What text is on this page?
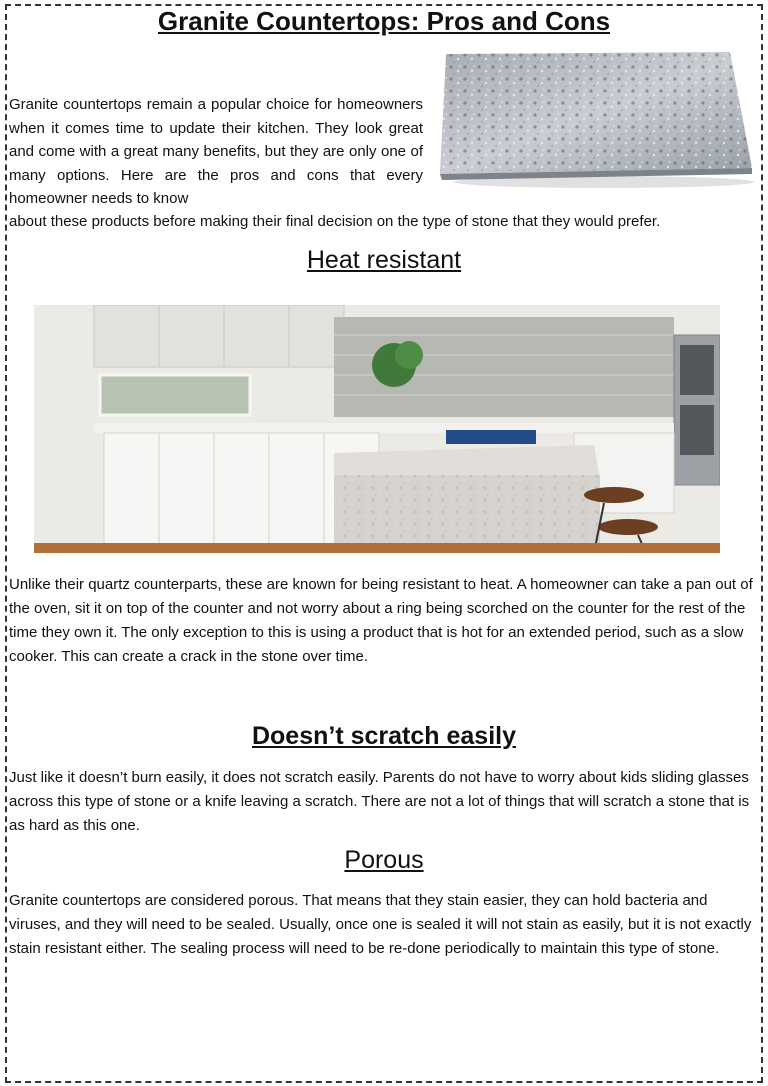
Granite Countertops: Pros and Cons

Granite countertops remain a popular choice for homeowners when it comes time to update their kitchen. They look great and come with a great many benefits, but they are only one of many options. Here are the pros and cons that every homeowner needs to know

about these products before making their final decision on the type of stone that they would prefer.

Heat resistant

Unlike their quartz counterparts, these are known for being resistant to heat. A homeowner can take a pan out of the oven, sit it on top of the counter and not worry about a ring being scorched on the counter for the rest of the time they own it. The only exception to this is using a product that is hot for an extended period, such as a slow cooker. This can create a crack in the stone over time.

Doesn’t scratch easily

Just like it doesn’t burn easily, it does not scratch easily. Parents do not have to worry about kids sliding glasses across this type of stone or a knife leaving a scratch. There are not a lot of things that will scratch a stone that is as hard as this one.

Porous

Granite countertops are considered porous. That means that they stain easier, they can hold bacteria and viruses, and they will need to be sealed. Usually, once one is sealed it will not stain as easily, but it is not exactly stain resistant either. The sealing process will need to be re-done periodically to maintain this type of stone.
